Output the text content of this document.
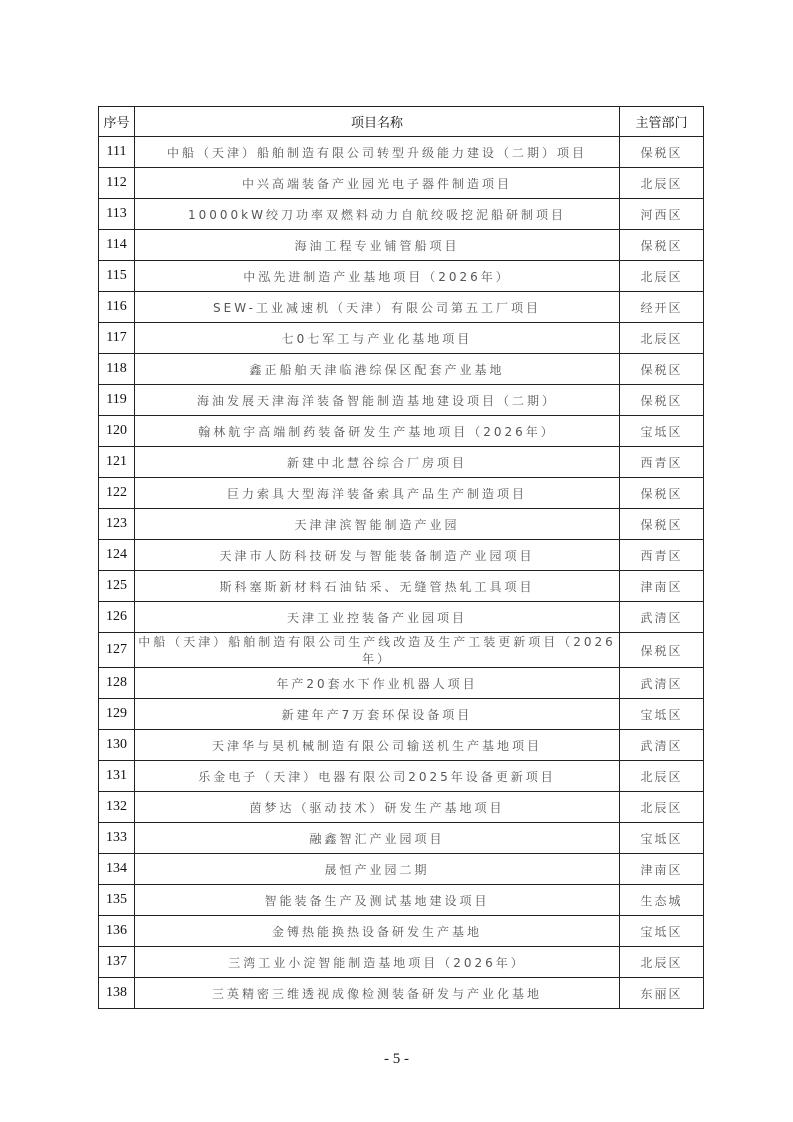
序号	项目名称	主管部门
111	中船（天津）船舶制造有限公司转型升级能力建设（二期）项目	保税区
112	中兴高端装备产业园光电子器件制造项目	北辰区
113	10000kW绞刀功率双燃料动力自航绞吸挖泥船研制项目	河西区
114	海油工程专业铺管船项目	保税区
115	中泓先进制造产业基地项目（2026年）	北辰区
116	SEW-工业减速机（天津）有限公司第五工厂项目	经开区
117	七0七军工与产业化基地项目	北辰区
118	鑫正船舶天津临港综保区配套产业基地	保税区
119	海油发展天津海洋装备智能制造基地建设项目（二期）	保税区
120	翰林航宇高端制药装备研发生产基地项目（2026年）	宝坻区
121	新建中北慧谷综合厂房项目	西青区
122	巨力索具大型海洋装备索具产品生产制造项目	保税区
123	天津津滨智能制造产业园	保税区
124	天津市人防科技研发与智能装备制造产业园项目	西青区
125	斯科塞斯新材料石油钻采、无缝管热轧工具项目	津南区
126	天津工业控装备产业园项目	武清区
127	中船（天津）船舶制造有限公司生产线改造及生产工装更新项目（2026年）	保税区
128	年产20套水下作业机器人项目	武清区
129	新建年产7万套环保设备项目	宝坻区
130	天津华与昊机械制造有限公司输送机生产基地项目	武清区
131	乐金电子（天津）电器有限公司2025年设备更新项目	北辰区
132	茵梦达（驱动技术）研发生产基地项目	北辰区
133	融鑫智汇产业园项目	宝坻区
134	晟恒产业园二期	津南区
135	智能装备生产及测试基地建设项目	生态城
136	金镈热能换热设备研发生产基地	宝坻区
137	三湾工业小淀智能制造基地项目（2026年）	北辰区
138	三英精密三维透视成像检测装备研发与产业化基地	东丽区
- 5 -
